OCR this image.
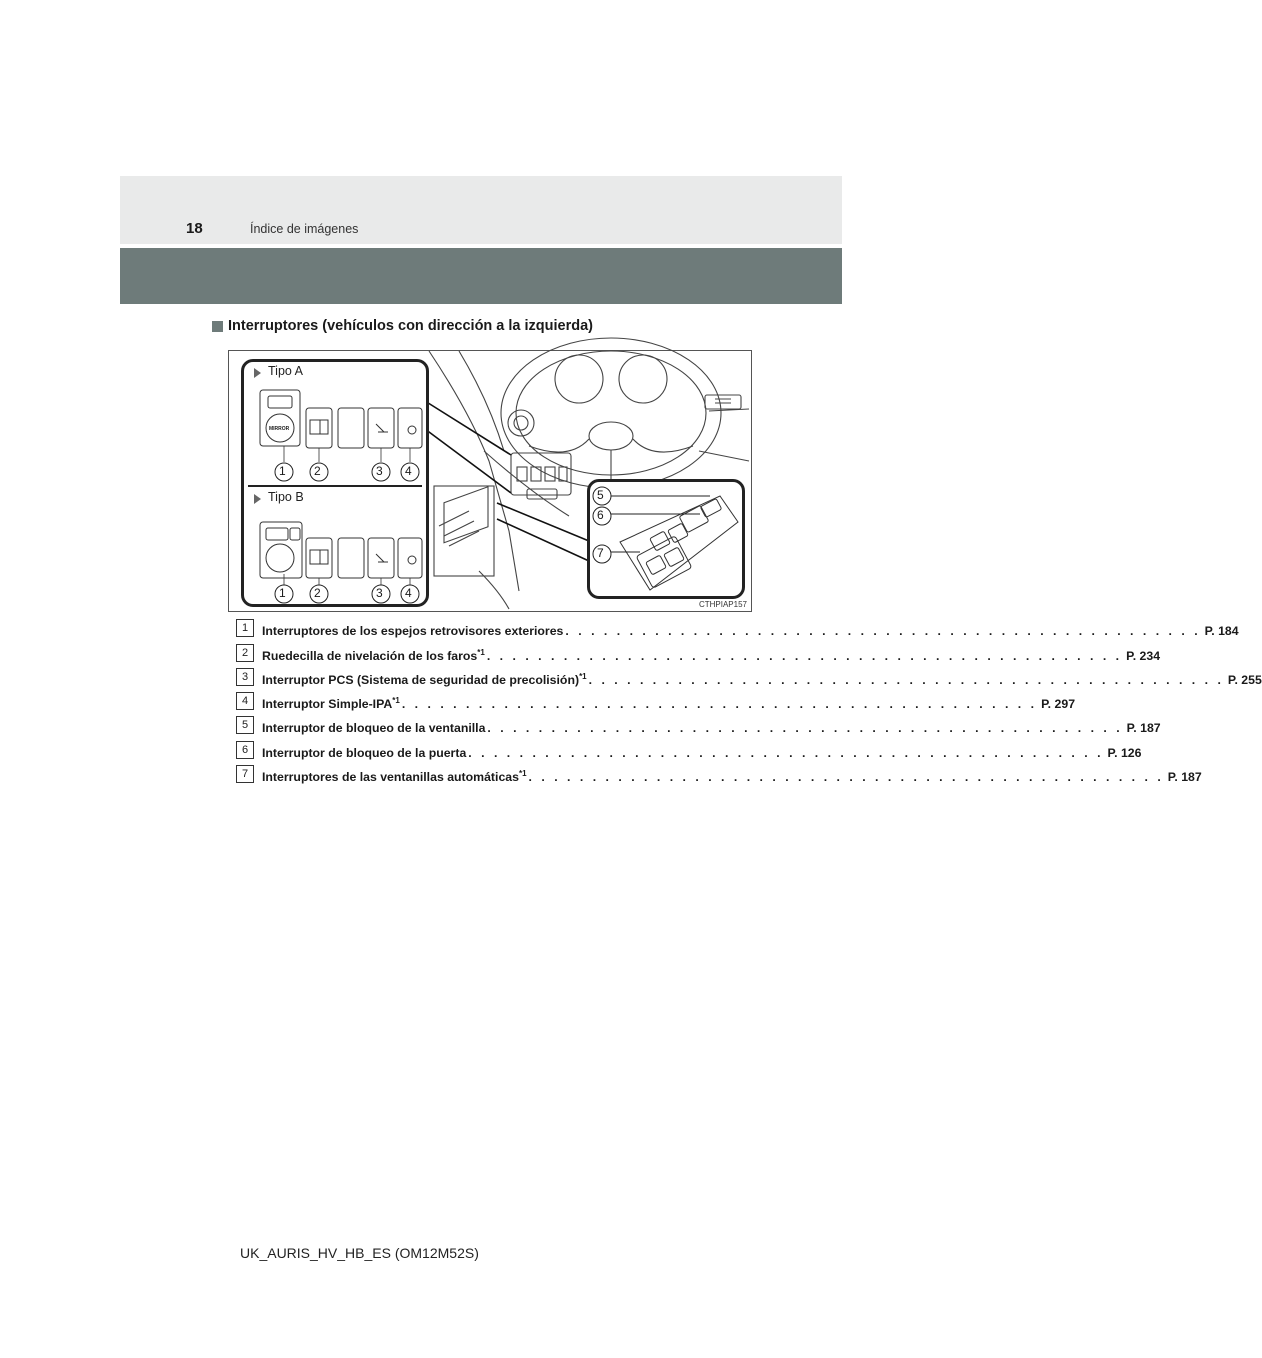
18	Índice de imágenes
Interruptores (vehículos con dirección a la izquierda)
Tipo A
Tipo B
MIRROR
1 2	3 4
1 2	3 4
5
6
7
CTHPIAP157
1	Interruptores de los espejos retrovisores exteriores . . . . . . . . . . . . . . . . . . . . . . . . . . . . . . . . . . . . . . . . . . . . . . . . . . P. 184
2	Ruedecilla de nivelación de los faros$^{*1}$ . . . . . . . . . . . . . . . . . . . . . . . . . . . . . . . . . . . . . . . . . . . . . . . . . . P. 234
3	Interruptor PCS (Sistema de seguridad de precolisión)$^{*1}$ . . . . . . . . . . . . . . . . . . . . . . . . . . . . . . . . . . . . . . . . . . . . . . . . . . P. 255
4	Interruptor Simple-IPA$^{*1}$ . . . . . . . . . . . . . . . . . . . . . . . . . . . . . . . . . . . . . . . . . . . . . . . . . . P. 297
5	Interruptor de bloqueo de la ventanilla . . . . . . . . . . . . . . . . . . . . . . . . . . . . . . . . . . . . . . . . . . . . . . . . . . P. 187
6	Interruptor de bloqueo de la puerta . . . . . . . . . . . . . . . . . . . . . . . . . . . . . . . . . . . . . . . . . . . . . . . . . . P. 126
7	Interruptores de las ventanillas automáticas$^{*1}$ . . . . . . . . . . . . . . . . . . . . . . . . . . . . . . . . . . . . . . . . . . . . . . . . . . P. 187
UK_AURIS_HV_HB_ES (OM12M52S)
